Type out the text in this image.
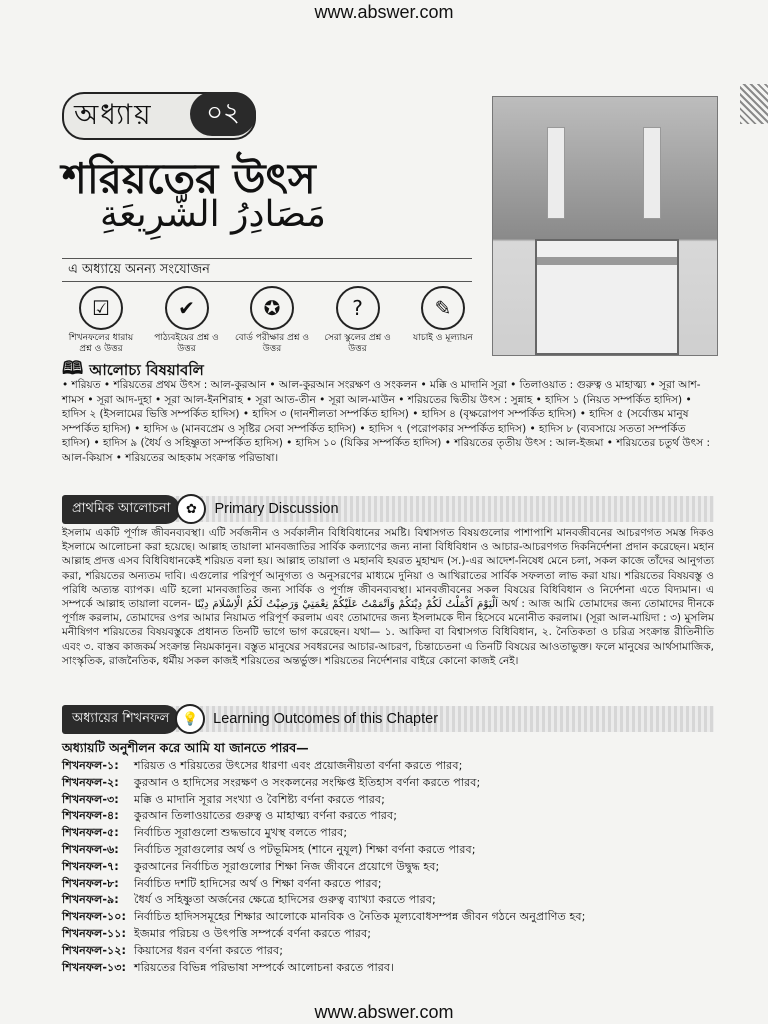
www.abswer.com
অধ্যায়	০২
শরিয়তের উৎস
مَصَادِرُ الشَّرِيعَةِ
এ অধ্যায়ে অনন্য সংযোজন
☑
শিখনফলের ধারায় প্রশ্ন ও উত্তর
✔
পাঠ্যবইয়ের প্রশ্ন ও উত্তর
✪
বোর্ড পরীক্ষার প্রশ্ন ও উত্তর
?
সেরা স্কুলের প্রশ্ন ও উত্তর
✎
যাচাই ও মূল্যায়ন
🕮 আলোচ্য বিষয়াবলি
• শরিয়ত • শরিয়তের প্রথম উৎস : আল-কুরআন • আল-কুরআন সংরক্ষণ ও সংকলন • মক্কি ও মাদানি সূরা • তিলাওয়াত : গুরুত্ব ও মাহাত্ম্য • সূরা আশ-শামস • সূরা আদ-দুহা • সূরা আল-ইনশিরাহ • সূরা আত-তীন • সূরা আল-মাউন • শরিয়তের দ্বিতীয় উৎস : সুন্নাহ • হাদিস ১ (নিয়ত সম্পর্কিত হাদিস) • হাদিস ২ (ইসলামের ভিত্তি সম্পর্কিত হাদিস) • হাদিস ৩ (দানশীলতা সম্পর্কিত হাদিস) • হাদিস ৪ (বৃক্ষরোপণ সম্পর্কিত হাদিস) • হাদিস ৫ (সর্বোত্তম মানুষ সম্পর্কিত হাদিস) • হাদিস ৬ (মানবপ্রেম ও সৃষ্টির সেবা সম্পর্কিত হাদিস) • হাদিস ৭ (পরোপকার সম্পর্কিত হাদিস) • হাদিস ৮ (ব্যবসায়ে সততা সম্পর্কিত হাদিস) • হাদিস ৯ (ধৈর্য ও সহিষ্ণুতা সম্পর্কিত হাদিস) • হাদিস ১০ (যিকির সম্পর্কিত হাদিস) • শরিয়তের তৃতীয় উৎস : আল-ইজমা • শরিয়তের চতুর্থ উৎস : আল-কিয়াস • শরিয়তের আহকাম সংক্রান্ত পরিভাষা।
প্রাথমিক আলোচনা	✿	Primary Discussion
ইসলাম একটি পূর্ণাঙ্গ জীবনব্যবস্থা। এটি সর্বজনীন ও সর্বকালীন বিধিবিধানের সমষ্টি। বিশ্বাসগত বিষয়গুলোর পাশাপাশি মানবজীবনের আচরণগত সমস্ত দিকও ইসলামে আলোচনা করা হয়েছে। আল্লাহ তায়ালা মানবজাতির সার্বিক কল্যাণের জন্য নানা বিধিবিধান ও আচার-আচরণগত দিকনির্দেশনা প্রদান করেছেন। মহান আল্লাহ প্রদত্ত এসব বিধিবিধানকেই শরিয়ত বলা হয়। আল্লাহ তায়ালা ও মহানবি হযরত মুহাম্মদ (স.)-এর আদেশ-নিষেধ মেনে চলা, সকল কাজে তাঁদের আনুগত্য করা, শরিয়তের অন্যতম দাবি। এগুলোর পরিপূর্ণ আনুগত্য ও অনুসরণের মাধ্যমে দুনিয়া ও আখিরাতের সার্বিক সফলতা লাভ করা যায়। শরিয়তের বিষয়বস্তু ও পরিধি অত্যন্ত ব্যাপক। এটি হলো মানবজাতির জন্য সার্বিক ও পূর্ণাঙ্গ জীবনব্যবস্থা। মানবজীবনের সকল বিষয়ের বিধিবিধান ও নির্দেশনা এতে বিদ্যমান। এ সম্পর্কে আল্লাহ তায়ালা বলেন- اَلْيَوْمَ اَكْمَلْتُ لَكُمْ دِيْنَكُمْ وَاَتْمَمْتُ عَلَيْكُمْ نِعْمَتِيْ وَرَضِيْتُ لَكُمُ الْاِسْلَامَ دِيْنًا অর্থ : আজ আমি তোমাদের জন্য তোমাদের দীনকে পূর্ণাঙ্গ করলাম, তোমাদের ওপর আমার নিয়ামত পরিপূর্ণ করলাম এবং তোমাদের জন্য ইসলামকে দীন হিসেবে মনোনীত করলাম। (সূরা আল-মায়িদা : ৩) মুসলিম মনীষিগণ শরিয়তের বিষয়বস্তুকে প্রধানত তিনটি ভাগে ভাগ করেছেন। যথা— ১. আকিদা বা বিশ্বাসগত বিধিবিধান, ২. নৈতিকতা ও চরিত্র সংক্রান্ত রীতিনীতি এবং ৩. বাস্তব কাজকর্ম সংক্রান্ত নিয়মকানুন। বস্তুত মানুষের সবধরনের আচার-আচরণ, চিন্তাচেতনা এ তিনটি বিষয়ের আওতাভুক্ত। ফলে মানুষের আর্থসামাজিক, সাংস্কৃতিক, রাজনৈতিক, ধর্মীয় সকল কাজই শরিয়তের অন্তর্ভুক্ত। শরিয়তের নির্দেশনার বাইরে কোনো কাজই নেই।
অধ্যায়ের শিখনফল 💡	Learning Outcomes of this Chapter
অধ্যায়টি অনুশীলন করে আমি যা জানতে পারব—
শিখনফল-১:	শরিয়ত ও শরিয়তের উৎসের ধারণা এবং প্রয়োজনীয়তা বর্ণনা করতে পারব;
শিখনফল-২:	কুরআন ও হাদিসের সংরক্ষণ ও সংকলনের সংক্ষিপ্ত ইতিহাস বর্ণনা করতে পারব;
শিখনফল-৩:	মক্কি ও মাদানি সূরার সংখ্যা ও বৈশিষ্ট্য বর্ণনা করতে পারব;
শিখনফল-৪:	কুরআন তিলাওয়াতের গুরুত্ব ও মাহাত্ম্য বর্ণনা করতে পারব;
শিখনফল-৫:	নির্বাচিত সূরাগুলো শুদ্ধভাবে মুখস্থ বলতে পারব;
শিখনফল-৬:	নির্বাচিত সূরাগুলোর অর্থ ও পটভূমিসহ (শানে নুযূল) শিক্ষা বর্ণনা করতে পারব;
শিখনফল-৭:	কুরআনের নির্বাচিত সূরাগুলোর শিক্ষা নিজ জীবনে প্রয়োগে উদ্বুদ্ধ হব;
শিখনফল-৮:	নির্বাচিত দশটি হাদিসের অর্থ ও শিক্ষা বর্ণনা করতে পারব;
শিখনফল-৯:	ধৈর্য ও সহিষ্ণুতা অর্জনের ক্ষেত্রে হাদিসের গুরুত্ব ব্যাখ্যা করতে পারব;
শিখনফল-১০: নির্বাচিত হাদিসসমূহের শিক্ষার আলোকে মানবিক ও নৈতিক মূল্যবোধসম্পন্ন জীবন গঠনে অনুপ্রাণিত হব;
শিখনফল-১১: ইজমার পরিচয় ও উৎপত্তি সম্পর্কে বর্ণনা করতে পারব;
শিখনফল-১২: কিয়াসের ধরন বর্ণনা করতে পারব;
শিখনফল-১৩: শরিয়তের বিভিন্ন পরিভাষা সম্পর্কে আলোচনা করতে পারব।
www.abswer.com
